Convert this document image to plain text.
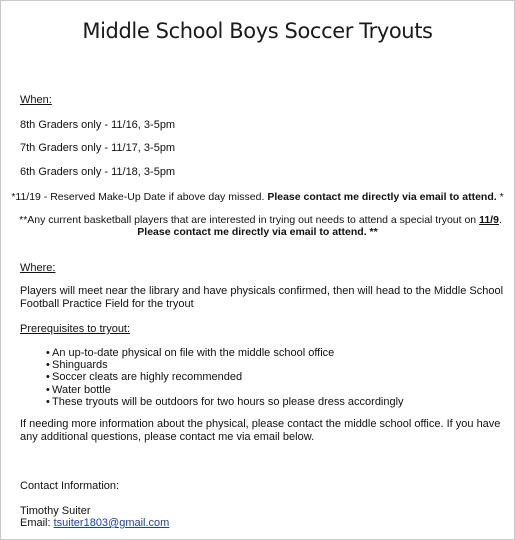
Middle School Boys Soccer Tryouts
When:
8th Graders only - 11/16, 3-5pm
7th Graders only - 11/17, 3-5pm
6th Graders only - 11/18, 3-5pm
*11/19 - Reserved Make-Up Date if above day missed. Please contact me directly via email to attend. *
**Any current basketball players that are interested in trying out needs to attend a special tryout on 11/9.
Please contact me directly via email to attend. **
Where:
Players will meet near the library and have physicals confirmed, then will head to the Middle School
Football Practice Field for the tryout
Prerequisites to tryout:
• An up-to-date physical on file with the middle school office
• Shinguards
• Soccer cleats are highly recommended
• Water bottle
• These tryouts will be outdoors for two hours so please dress accordingly
If needing more information about the physical, please contact the middle school office. If you have
any additional questions, please contact me via email below.
Contact Information:
Timothy Suiter
Email: tsuiter1803@gmail.com
